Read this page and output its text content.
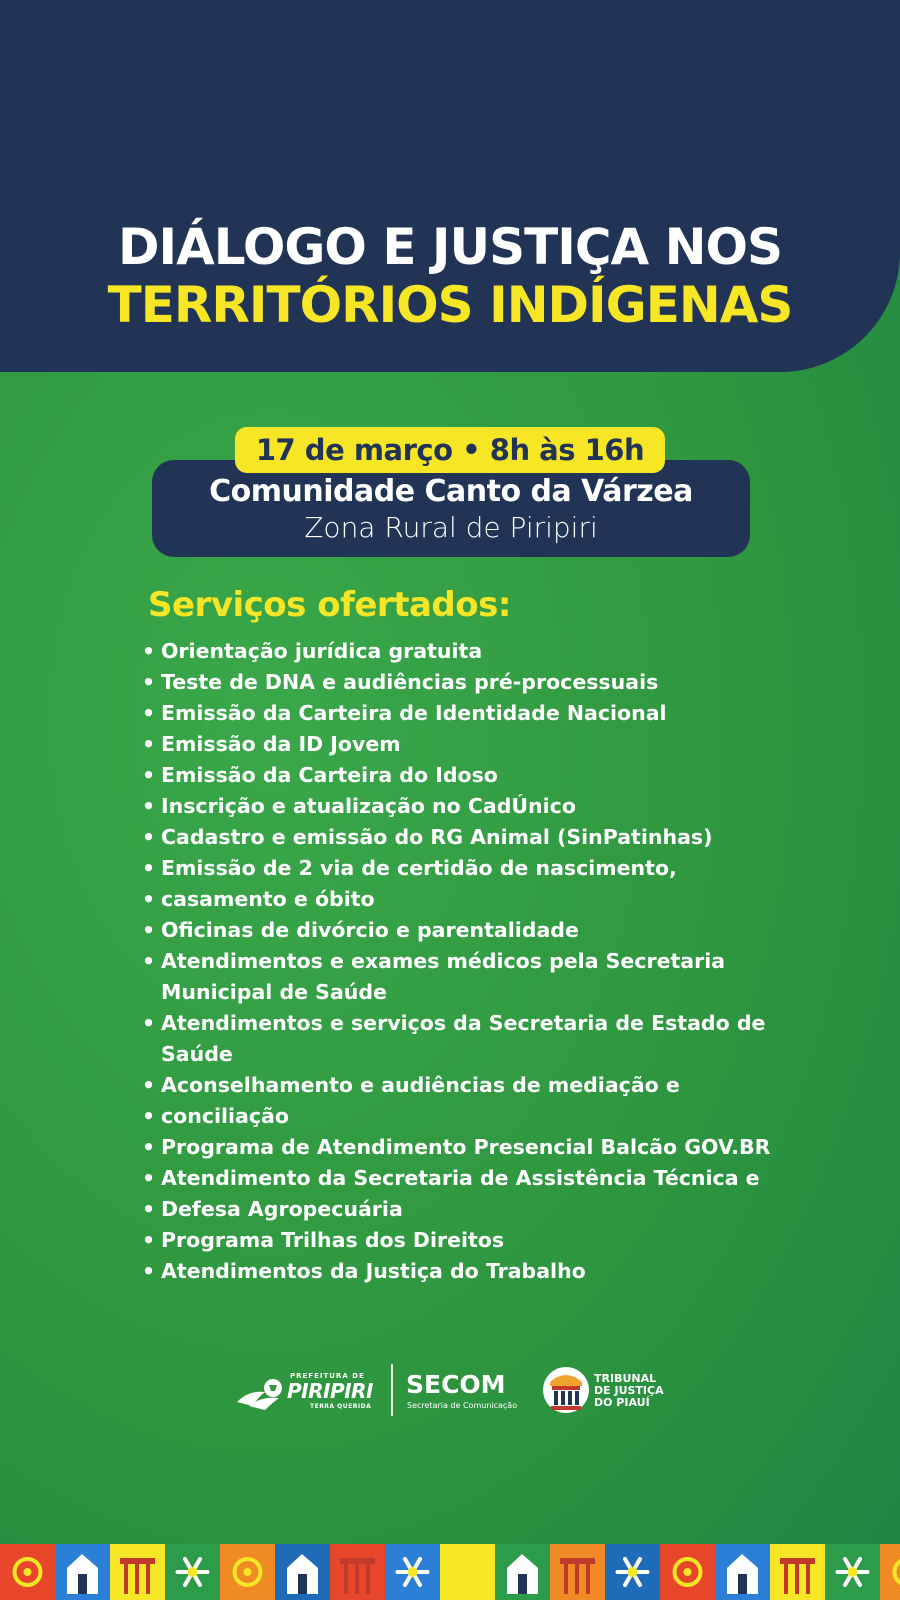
DIÁLOGO E JUSTIÇA NOS
TERRITÓRIOS INDÍGENAS
Comunidade Canto da Várzea
Zona Rural de Piripiri
17 de março • 8h às 16h
Serviços ofertados:
• Orientação jurídica gratuita
• Teste de DNA e audiências pré-processuais
• Emissão da Carteira de Identidade Nacional
• Emissão da ID Jovem
• Emissão da Carteira do Idoso
• Inscrição e atualização no CadÚnico
• Cadastro e emissão do RG Animal (SinPatinhas)
• Emissão de 2 via de certidão de nascimento,
• casamento e óbito
• Oficinas de divórcio e parentalidade
• Atendimentos e exames médicos pela Secretaria Municipal de Saúde
• Atendimentos e serviços da Secretaria de Estado de Saúde
• Aconselhamento e audiências de mediação e
• conciliação
• Programa de Atendimento Presencial Balcão GOV.BR
• Atendimento da Secretaria de Assistência Técnica e
• Defesa Agropecuária
• Programa Trilhas dos Direitos
• Atendimentos da Justiça do Trabalho
PREFEITURA DE
PIRIPIRI
TERRA QUERIDA
SECOM
Secretaria de Comunicação
TRIBUNAL
DE JUSTIÇA
DO PIAUÍ
